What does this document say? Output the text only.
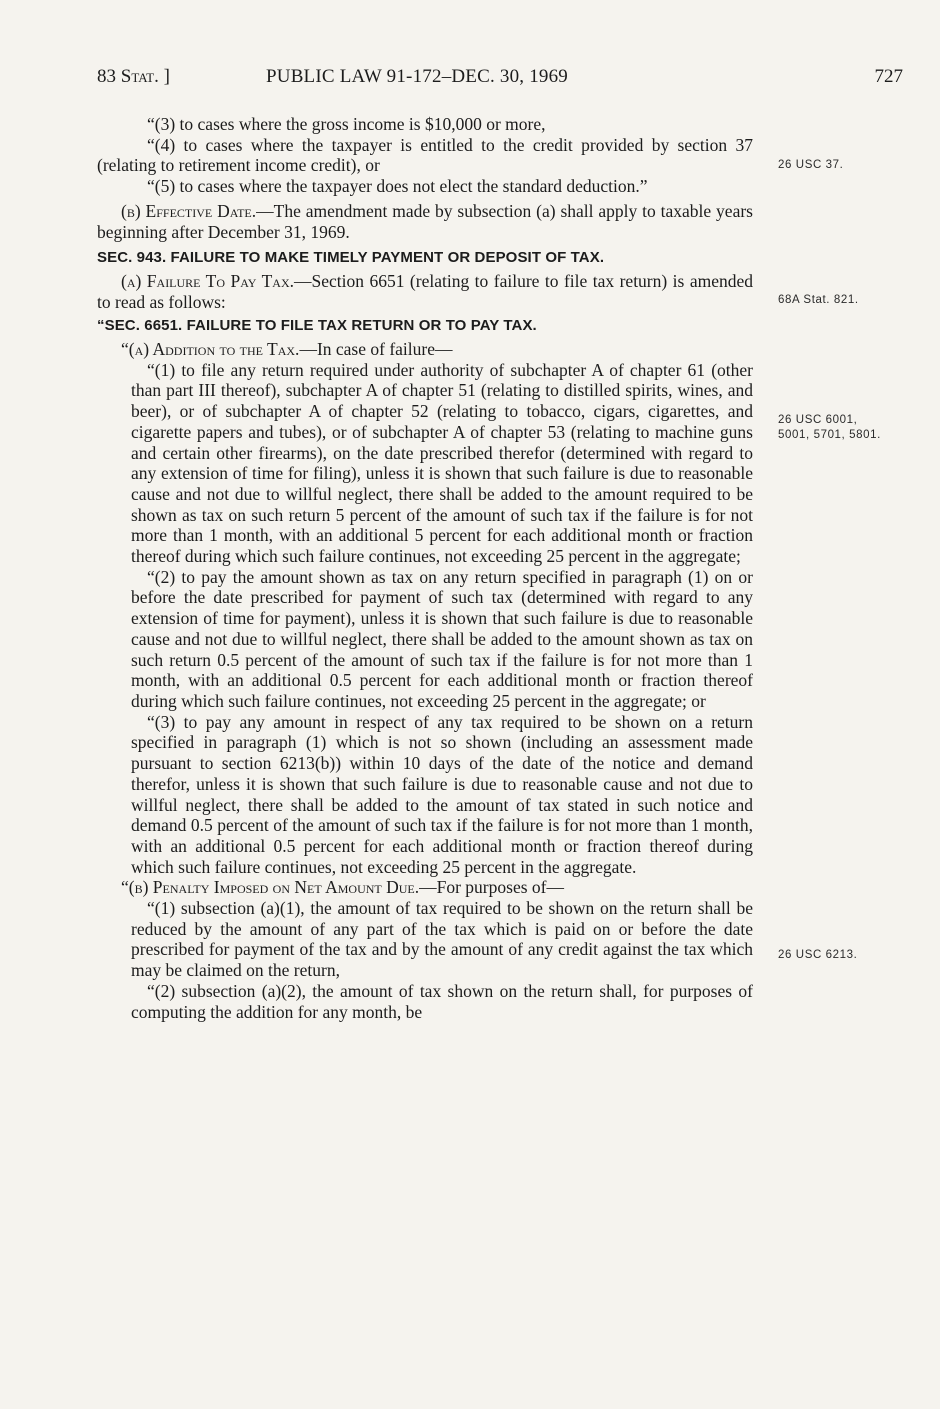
83 Stat. ]	PUBLIC LAW 91-172–DEC. 30, 1969	727

“(3) to cases where the gross income is $10,000 or more,

“(4) to cases where the taxpayer is entitled to the credit provided by section 37 (relating to retirement income credit), or

“(5) to cases where the taxpayer does not elect the standard deduction.”

(b) Effective Date.—The amendment made by subsection (a) shall apply to taxable years beginning after December 31, 1969.

SEC. 943. FAILURE TO MAKE TIMELY PAYMENT OR DEPOSIT OF TAX.

(a) Failure To Pay Tax.—Section 6651 (relating to failure to file tax return) is amended to read as follows:

“SEC. 6651. FAILURE TO FILE TAX RETURN OR TO PAY TAX.

“(a) Addition to the Tax.—In case of failure—

“(1) to file any return required under authority of subchapter A of chapter 61 (other than part III thereof), subchapter A of chapter 51 (relating to distilled spirits, wines, and beer), or of subchapter A of chapter 52 (relating to tobacco, cigars, cigarettes, and cigarette papers and tubes), or of subchapter A of chapter 53 (relating to machine guns and certain other firearms), on the date prescribed therefor (determined with regard to any extension of time for filing), unless it is shown that such failure is due to reasonable cause and not due to willful neglect, there shall be added to the amount required to be shown as tax on such return 5 percent of the amount of such tax if the failure is for not more than 1 month, with an additional 5 percent for each additional month or fraction thereof during which such failure continues, not exceeding 25 percent in the aggregate;

“(2) to pay the amount shown as tax on any return specified in paragraph (1) on or before the date prescribed for payment of such tax (determined with regard to any extension of time for payment), unless it is shown that such failure is due to reasonable cause and not due to willful neglect, there shall be added to the amount shown as tax on such return 0.5 percent of the amount of such tax if the failure is for not more than 1 month, with an additional 0.5 percent for each additional month or fraction thereof during which such failure continues, not exceeding 25 percent in the aggregate; or

“(3) to pay any amount in respect of any tax required to be shown on a return specified in paragraph (1) which is not so shown (including an assessment made pursuant to section 6213(b)) within 10 days of the date of the notice and demand therefor, unless it is shown that such failure is due to reasonable cause and not due to willful neglect, there shall be added to the amount of tax stated in such notice and demand 0.5 percent of the amount of such tax if the failure is for not more than 1 month, with an additional 0.5 percent for each additional month or fraction thereof during which such failure continues, not exceeding 25 percent in the aggregate.

“(b) Penalty Imposed on Net Amount Due.—For purposes of—

“(1) subsection (a)(1), the amount of tax required to be shown on the return shall be reduced by the amount of any part of the tax which is paid on or before the date prescribed for payment of the tax and by the amount of any credit against the tax which may be claimed on the return,

“(2) subsection (a)(2), the amount of tax shown on the return shall, for purposes of computing the addition for any month, be

26 USC 37.
68A Stat. 821.
26 USC 6001,
5001, 5701, 5801.
26 USC 6213.
